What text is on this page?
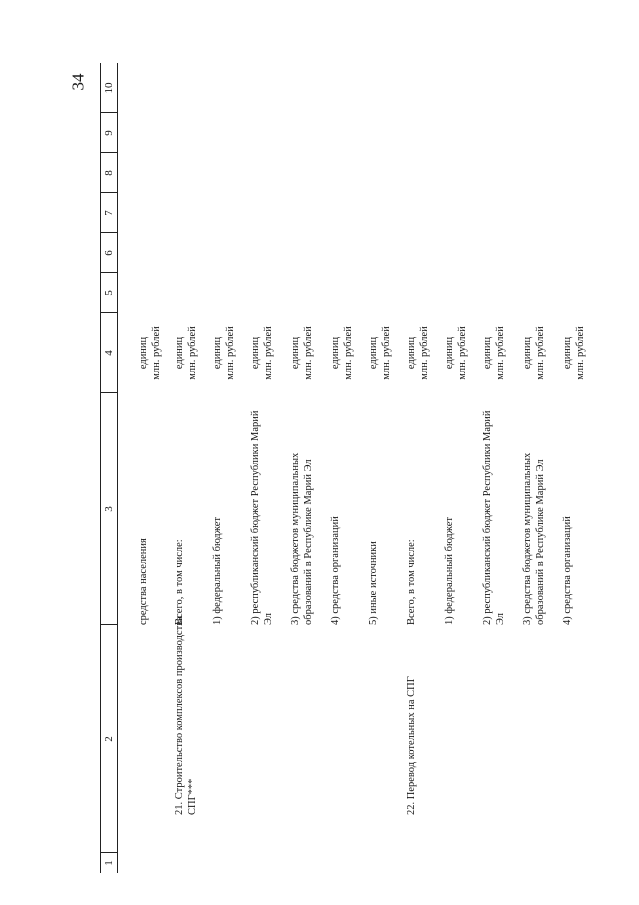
34
1
2
3
4
5
6
7
8
9
10
средства населения
единиц млн. рублей
21. Строительство комплексов производства СПГ***
Всего, в том числе:
единиц млн. рублей
1) федеральный бюджет
единиц млн. рублей
2) республиканский бюджет Республики Марий Эл
единиц млн. рублей
3) средства бюджетов муниципальных образований в Республике Марий Эл
единиц млн. рублей
4) средства организаций
единиц млн. рублей
5) иные источники
единиц млн. рублей
22. Перевод котельных на СПГ
Всего, в том числе:
единиц млн. рублей
1) федеральный бюджет
единиц млн. рублей
2) республиканский бюджет Республики Марий Эл
единиц млн. рублей
3) средства бюджетов муниципальных образований в Республике Марий Эл
единиц млн. рублей
4) средства организаций
единиц млн. рублей
